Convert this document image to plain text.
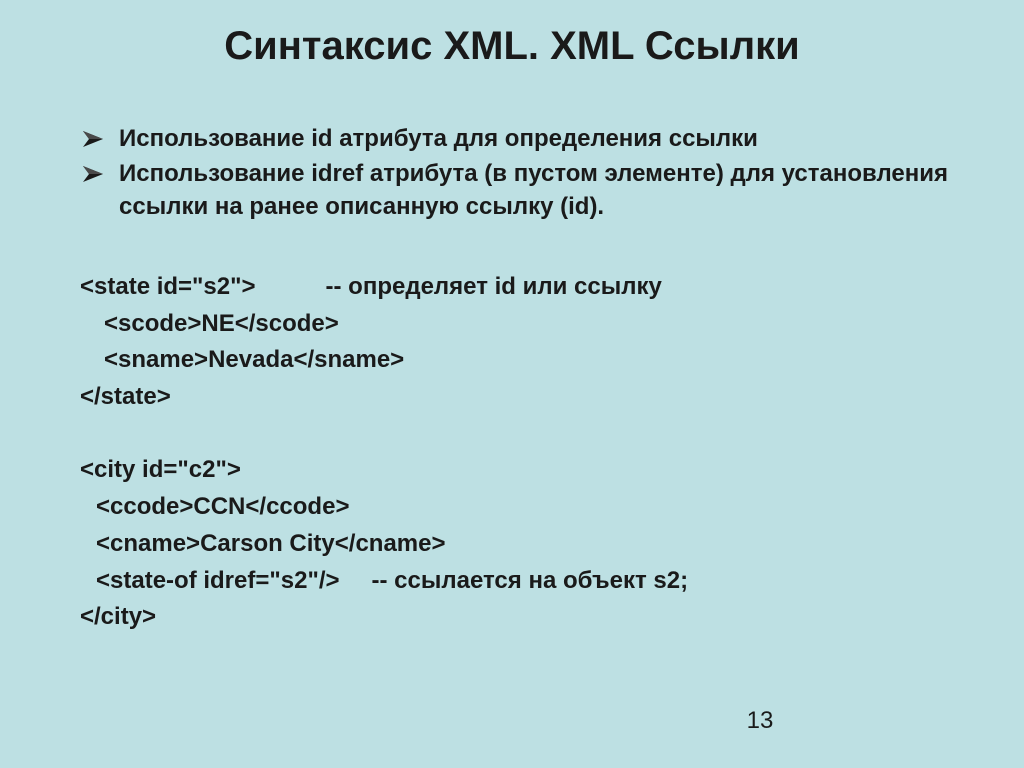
Синтаксис XML. XML Ссылки
Использование id атрибута для определения ссылки
Использование idref атрибута (в пустом элементе) для установления ссылки на ранее описанную ссылку (id).
<state id="s2">	-- определяет id или ссылку
<scode>NE</scode>
<sname>Nevada</sname>
</state>
<city id="c2">
<ccode>CCN</ccode>
<cname>Carson City</cname>
<state-of idref="s2"/> -- ссылается на объект s2;
</city>
13
